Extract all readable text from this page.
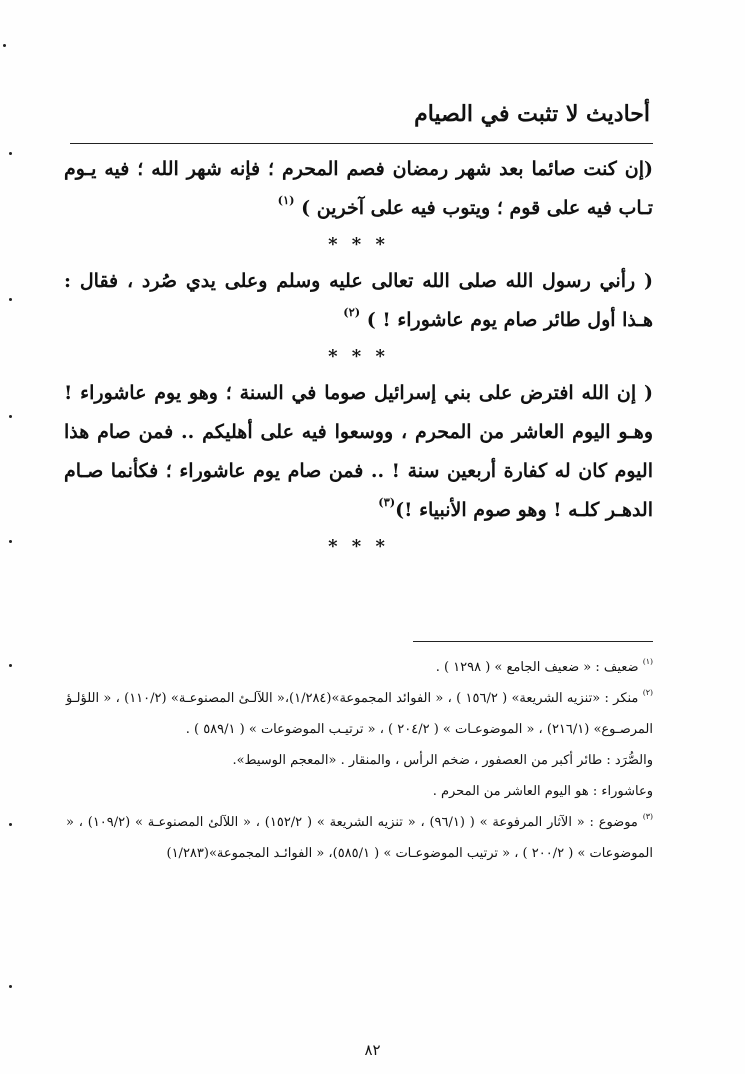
أحاديث لا تثبت في الصيام

(إن كنت صائما بعد شهر رمضان فصم المحرم ؛ فإنه شهر الله ؛ فيه يـوم تـاب فيه على قوم ؛ ويتوب فيه على آخرين ) $^{(١)}$

* * *

( رأني رسول الله صلى الله تعالى عليه وسلم وعلى يدي صُرد ، فقال : هـذا أول طائر صام يوم عاشوراء ! ) $^{(٢)}$

* * *

( إن الله افترض على بني إسرائيل صوما في السنة ؛ وهو يوم عاشوراء ! وهـو اليوم العاشر من المحرم ، ووسعوا فيه على أهليكم .. فمن صام هذا اليوم كان له كفارة أربعين سنة ! .. فمن صام يوم عاشوراء ؛ فكأنما صـام الدهـر كلـه ! وهو صوم الأنبياء !)$^{(٣)}$

* * *

$^{(١)}$ ضعيف : « ضعيف الجامع » ( ١٢٩٨ ) .

$^{(٢)}$ منكر : «تنزيه الشريعة» ( ١٥٦/٢ ) ، « الفوائد المجموعة»(١/٢٨٤)،« اللآلـئ المصنوعـة» (١١٠/٢) ، « اللؤلـؤ المرصـوع» (٢١٦/١) ، « الموضوعـات » ( ٢٠٤/٢ ) ، « ترتيـب الموضوعات » ( ٥٨٩/١ ) .

والصُّرَد : طائر أكبر من العصفور ، ضخم الرأس ، والمنقار . «المعجم الوسيط».

وعاشوراء : هو اليوم العاشر من المحرم .

$^{(٣)}$ موضوع : « الآثار المرفوعة » ( (٩٦/١) ، « تنزيه الشريعة » ( ١٥٢/٢) ، « اللآلئ المصنوعـة » (١٠٩/٢) ، « الموضوعات » ( ٢٠٠/٢ ) ، « ترتيب الموضوعـات » ( ٥٨٥/١)، « الفوائـد المجموعة»(١/٢٨٣)

٨٢
